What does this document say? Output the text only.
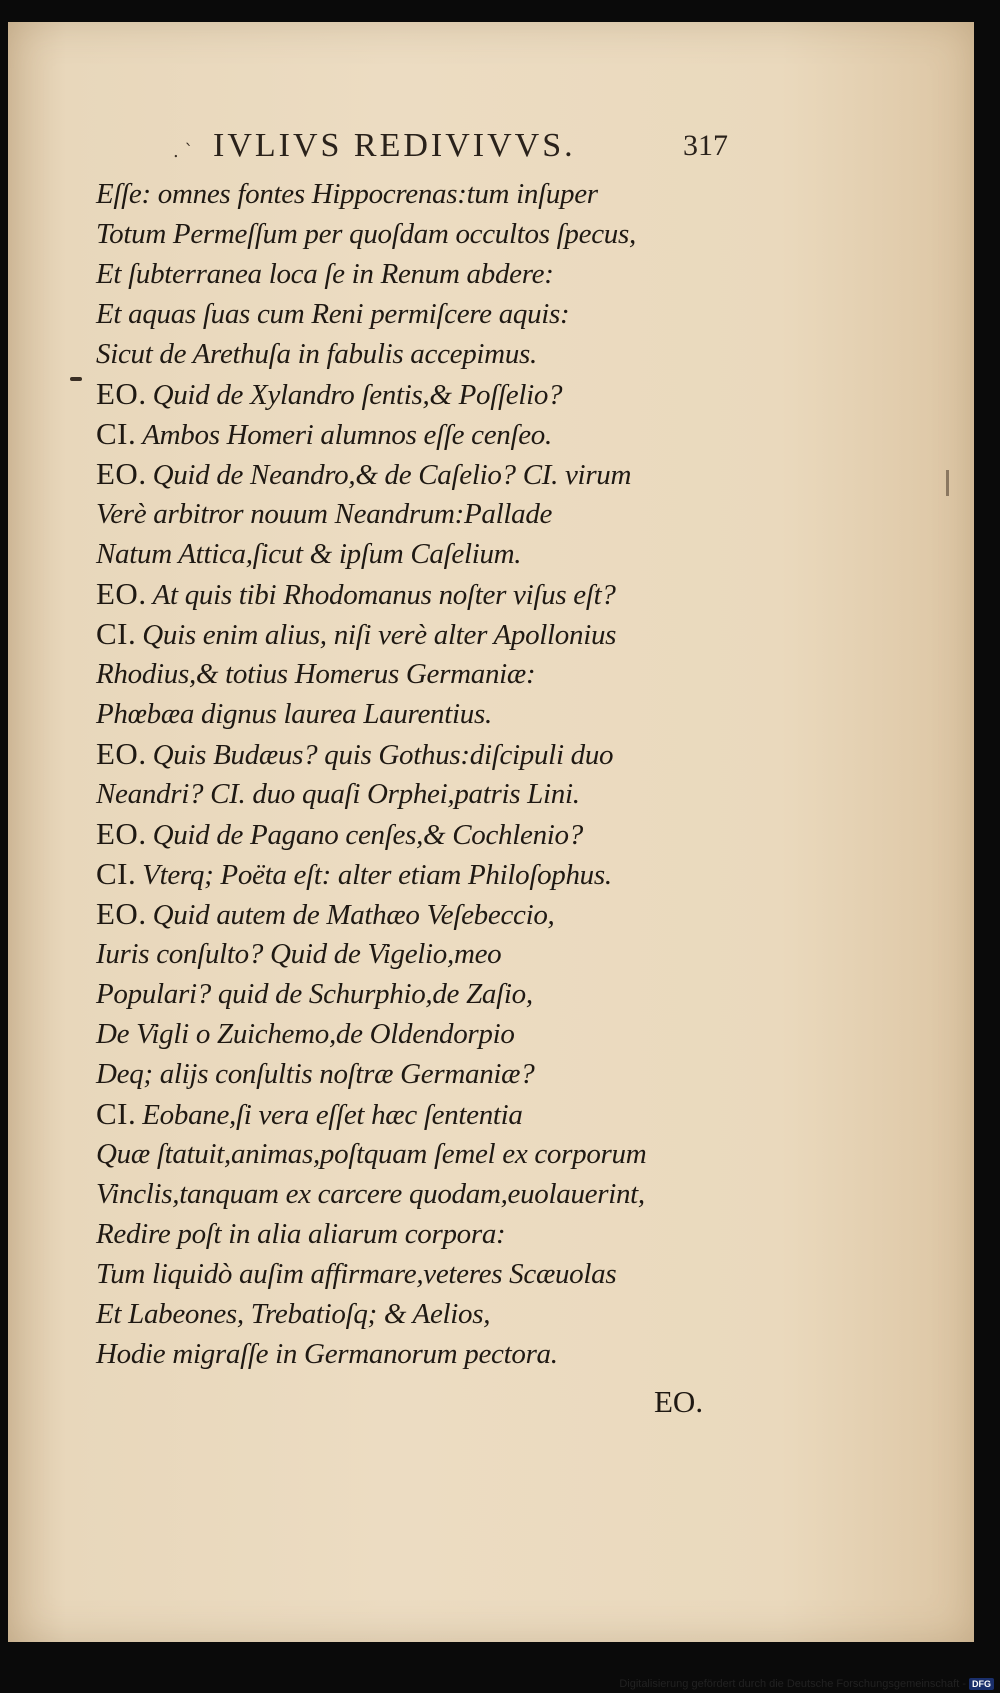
. ˋ IVLIVS REDIVIVVS.	317
Eſſe: omnes fontes Hippocrenas:tum inſuper
Totum Permeſſum per quoſdam occultos ſpecus,
Et ſubterranea loca ſe in Renum abdere:
Et aquas ſuas cum Reni permiſcere aquis:
Sicut de Arethuſa in fabulis accepimus.
EO. Quid de Xylandro ſentis,& Poſſelio?
CI. Ambos Homeri alumnos eſſe cenſeo.
EO. Quid de Neandro,& de Caſelio? CI. virum
Verè arbitror nouum Neandrum:Pallade
Natum Attica,ſicut & ipſum Caſelium.
EO. At quis tibi Rhodomanus noſter viſus eſt?
CI. Quis enim alius, niſi verè alter Apollonius
Rhodius,& totius Homerus Germaniæ:
Phœbæa dignus laurea Laurentius.
EO. Quis Budæus? quis Gothus:diſcipuli duo
Neandri? CI. duo quaſi Orphei,patris Lini.
EO. Quid de Pagano cenſes,& Cochlenio?
CI. Vterq; Poëta eſt: alter etiam Philoſophus.
EO. Quid autem de Mathæo Veſebeccio,
Iuris conſulto? Quid de Vigelio,meo
Populari? quid de Schurphio,de Zaſio,
De Vigli o Zuichemo,de Oldendorpio
Deq; aliјs conſultis noſtræ Germaniæ?
CI. Eobane,ſi vera eſſet hæc ſententia
Quæ ſtatuit,animas,poſtquam ſemel ex corporum
Vinclis,tanquam ex carcere quodam,euolauerint,
Redire poſt in alia aliarum corpora:
Tum liquidò auſim affirmare,veteres Scæuolas
Et Labeones, Trebatioſq; & Aelios,
Hodie migraſſe in Germanorum pectora.
EO.
Digitalisierung gefördert durch die Deutsche Forschungsgemeinschaft - DFG
